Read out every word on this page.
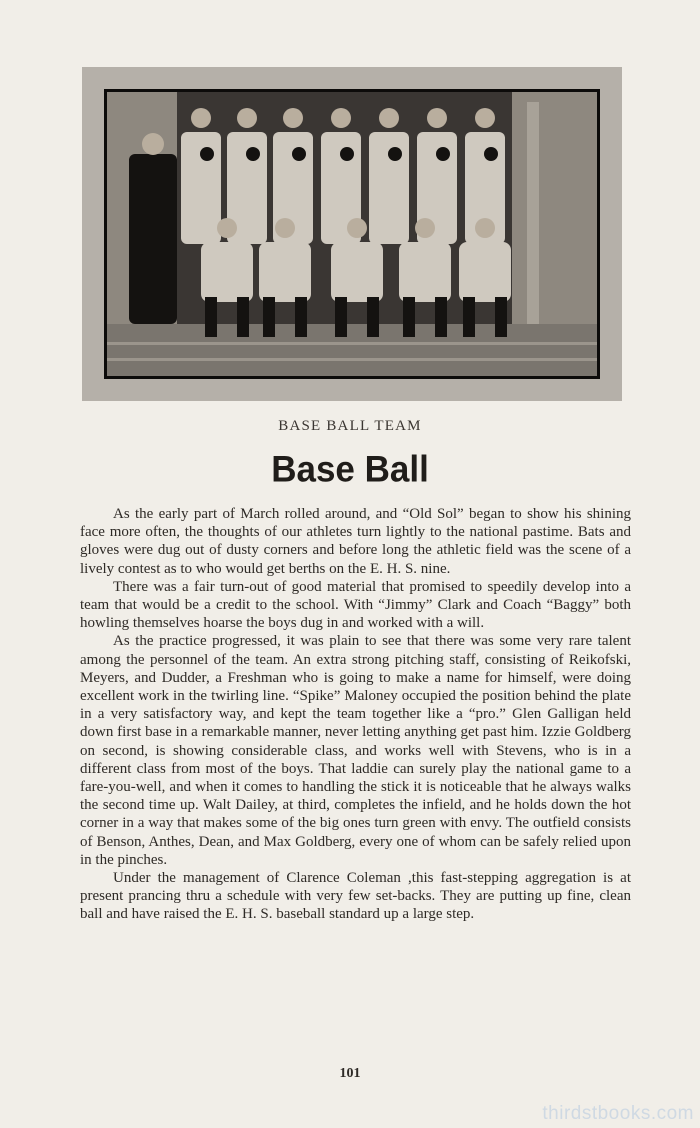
BASE BALL TEAM
Base Ball

As the early part of March rolled around, and “Old Sol” began to show his shining face more often, the thoughts of our athletes turn lightly to the national pastime. Bats and gloves were dug out of dusty corners and before long the athletic field was the scene of a lively contest as to who would get berths on the E. H. S. nine.

There was a fair turn-out of good material that promised to speedily develop into a team that would be a credit to the school. With “Jimmy” Clark and Coach “Baggy” both howling themselves hoarse the boys dug in and worked with a will.

As the practice progressed, it was plain to see that there was some very rare talent among the personnel of the team. An extra strong pitching staff, consisting of Reikofski, Meyers, and Dudder, a Freshman who is going to make a name for himself, were doing excellent work in the twirling line. “Spike” Maloney occupied the position behind the plate in a very satisfactory way, and kept the team together like a “pro.” Glen Galligan held down first base in a remarkable manner, never letting anything get past him. Izzie Goldberg on second, is showing considerable class, and works well with Stevens, who is in a different class from most of the boys. That laddie can surely play the national game to a fare-you-well, and when it comes to handling the stick it is noticeable that he always walks the second time up. Walt Dailey, at third, completes the infield, and he holds down the hot corner in a way that makes some of the big ones turn green with envy. The outfield consists of Benson, Anthes, Dean, and Max Goldberg, every one of whom can be safely relied upon in the pinches.

Under the management of Clarence Coleman ,this fast-stepping aggregation is at present prancing thru a schedule with very few set-backs. They are putting up fine, clean ball and have raised the E. H. S. baseball standard up a large step.

101
thirdstbooks.com
